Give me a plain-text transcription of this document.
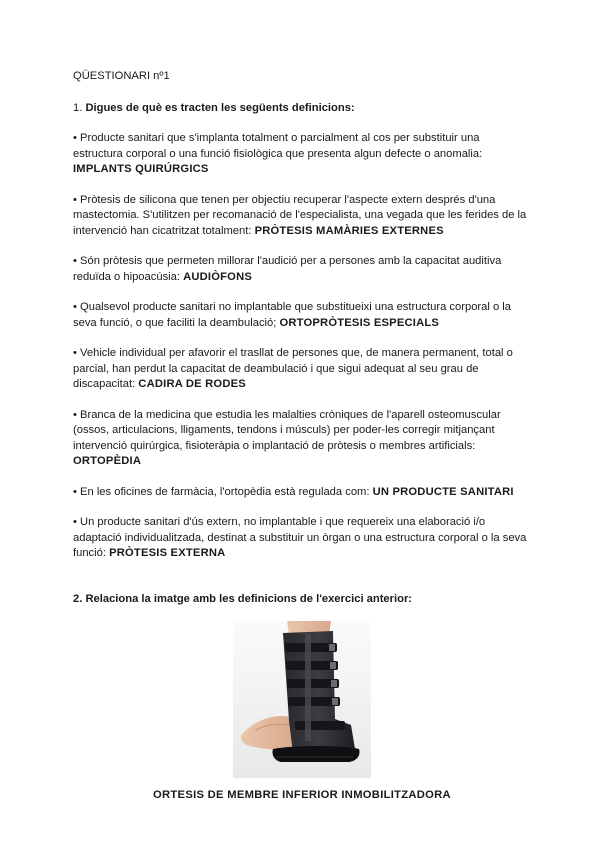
QÜESTIONARI nº1
1. Digues de què es tracten les següents definicions:
• Producte sanitari que s'implanta totalment o parcialment al cos per substituir una estructura corporal o una funció fisiològica que presenta algun defecte o anomalia:
IMPLANTS QUIRÚRGICS
• Pròtesis de silicona que tenen per objectiu recuperar l'aspecte extern després d'una mastectomia. S'utilitzen per recomanació de l'especialista, una vegada que les ferides de la intervenció han cicatritzat totalment: PRÒTESIS MAMÀRIES EXTERNES
• Són pròtesis que permeten millorar l'audició per a persones amb la capacitat auditiva reduïda o hipoacúsia: AUDIÒFONS
• Qualsevol producte sanitari no implantable que substitueixi una estructura corporal o la seva funció, o que faciliti la deambulació; ORTOPRÒTESIS ESPECIALS
• Vehicle individual per afavorir el trasllat de persones que, de manera permanent, total o parcial, han perdut la capacitat de deambulació i que sigui adequat al seu grau de discapacitat: CADIRA DE RODES
• Branca de la medicina que estudia les malalties cròniques de l'aparell osteomuscular (ossos, articulacions, lligaments, tendons i músculs) per poder-les corregir mitjançant intervenció quirúrgica, fisioteràpia o implantació de pròtesis o membres artificials:
ORTOPÈDIA
• En les oficines de farmàcia, l'ortopèdia està regulada com: UN PRODUCTE SANITARI
• Un producte sanitari d'ús extern, no implantable i que requereix una elaboració i/o adaptació individualitzada, destinat a substituir un òrgan o una estructura corporal o la seva funció: PRÒTESIS EXTERNA
2. Relaciona la imatge amb les definicions de l'exercici anterior:
ORTESIS DE MEMBRE INFERIOR INMOBILITZADORA
